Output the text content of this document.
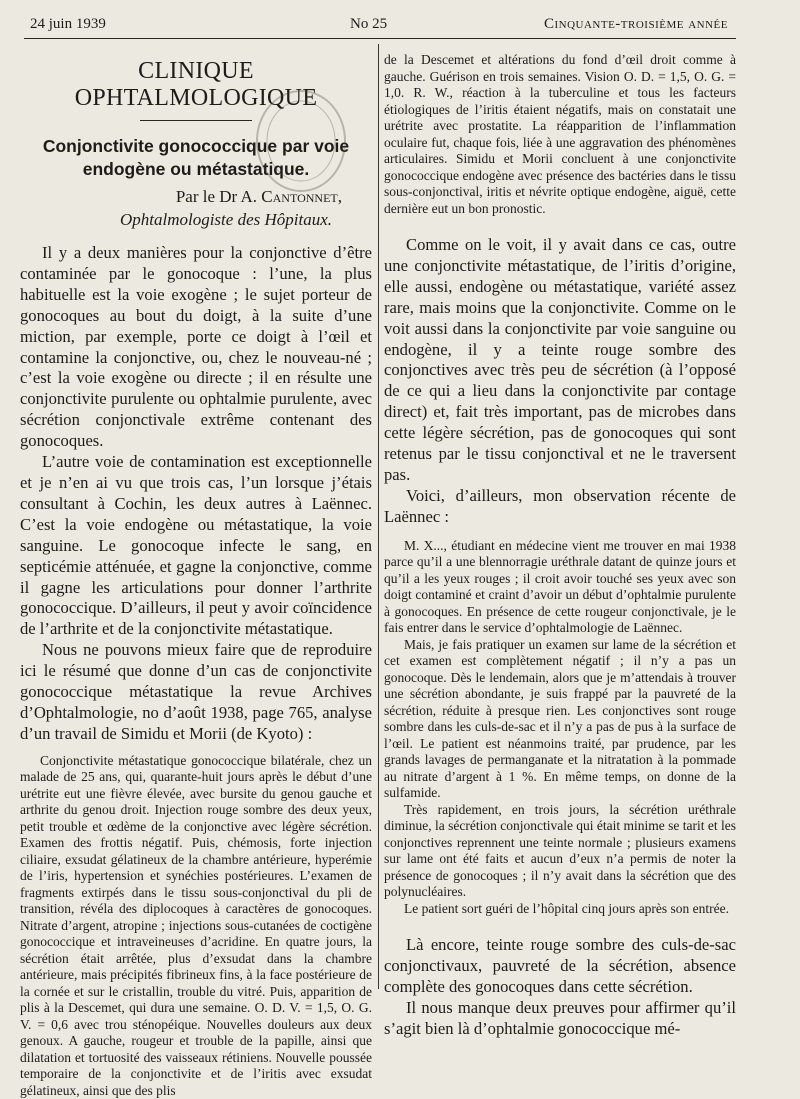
24 juin 1939	No 25	Cinquante-troisième année
CLINIQUE OPHTALMOLOGIQUE
Conjonctivite gonococcique par voie endogène ou métastatique.
Par le Dr A. Cantonnet,
Ophtalmologiste des Hôpitaux.

Il y a deux manières pour la conjonctive d’être contaminée par le gonocoque : l’une, la plus habituelle est la voie exogène ; le sujet porteur de gonocoques au bout du doigt, à la suite d’une miction, par exemple, porte ce doigt à l’œil et contamine la conjonctive, ou, chez le nouveau-né ; c’est la voie exogène ou directe ; il en résulte une conjonctivite purulente ou ophtalmie purulente, avec sécrétion conjonctivale extrême contenant des gonocoques.

L’autre voie de contamination est exceptionnelle et je n’en ai vu que trois cas, l’un lorsque j’étais consultant à Cochin, les deux autres à Laënnec. C’est la voie endogène ou métastatique, la voie sanguine. Le gonocoque infecte le sang, en septicémie atténuée, et gagne la conjonctive, comme il gagne les articulations pour donner l’arthrite gonococcique. D’ailleurs, il peut y avoir coïncidence de l’arthrite et de la conjonctivite métastatique.

Nous ne pouvons mieux faire que de reproduire ici le résumé que donne d’un cas de conjonctivite gonococcique métastatique la revue Archives d’Ophtalmologie, no d’août 1938, page 765, analyse d’un travail de Simidu et Morii (de Kyoto) :

Conjonctivite métastatique gonococcique bilatérale, chez un malade de 25 ans, qui, quarante-huit jours après le début d’une urétrite eut une fièvre élevée, avec bursite du genou gauche et arthrite du genou droit. Injection rouge sombre des deux yeux, petit trouble et œdème de la conjonctive avec légère sécrétion. Examen des frottis négatif. Puis, chémosis, forte injection ciliaire, exsudat gélatineux de la chambre antérieure, hyperémie de l’iris, hypertension et synéchies postérieures. L’examen de fragments extirpés dans le tissu sous-conjonctival du pli de transition, révéla des diplocoques à caractères de gonocoques. Nitrate d’argent, atropine ; injections sous-cutanées de coctigène gonococcique et intraveineuses d’acridine. En quatre jours, la sécrétion était arrêtée, plus d’exsudat dans la chambre antérieure, mais précipités fibrineux fins, à la face postérieure de la cornée et sur le cristallin, trouble du vitré. Puis, apparition de plis à la Descemet, qui dura une semaine. O. D. V. = 1,5, O. G. V. = 0,6 avec trou sténopéique. Nouvelles douleurs aux deux genoux. A gauche, rougeur et trouble de la papille, ainsi que dilatation et tortuosité des vaisseaux rétiniens. Nouvelle poussée temporaire de la conjonctivite et de l’iritis avec exsudat gélatineux, ainsi que des plis

de la Descemet et altérations du fond d’œil droit comme à gauche. Guérison en trois semaines. Vision O. D. = 1,5, O. G. = 1,0. R. W., réaction à la tuberculine et tous les facteurs étiologiques de l’iritis étaient négatifs, mais on constatait une urétrite avec prostatite. La réapparition de l’inflammation oculaire fut, chaque fois, liée à une aggravation des phénomènes articulaires. Simidu et Morii concluent à une conjonctivite gonococcique endogène avec présence des bactéries dans le tissu sous-conjonctival, iritis et névrite optique endogène, aiguë, cette dernière eut un bon pronostic.

Comme on le voit, il y avait dans ce cas, outre une conjonctivite métastatique, de l’iritis d’origine, elle aussi, endogène ou métastatique, variété assez rare, mais moins que la conjonctivite. Comme on le voit aussi dans la conjonctivite par voie sanguine ou endogène, il y a teinte rouge sombre des conjonctives avec très peu de sécrétion (à l’opposé de ce qui a lieu dans la conjonctivite par contage direct) et, fait très important, pas de microbes dans cette légère sécrétion, pas de gonocoques qui sont retenus par le tissu conjonctival et ne le traversent pas.

Voici, d’ailleurs, mon observation récente de Laënnec :

M. X..., étudiant en médecine vient me trouver en mai 1938 parce qu’il a une blennorragie uréthrale datant de quinze jours et qu’il a les yeux rouges ; il croit avoir touché ses yeux avec son doigt contaminé et craint d’avoir un début d’ophtalmie purulente à gonocoques. En présence de cette rougeur conjonctivale, je le fais entrer dans le service d’ophtalmologie de Laënnec.

Mais, je fais pratiquer un examen sur lame de la sécrétion et cet examen est complètement négatif ; il n’y a pas un gonocoque. Dès le lendemain, alors que je m’attendais à trouver une sécrétion abondante, je suis frappé par la pauvreté de la sécrétion, réduite à presque rien. Les conjonctives sont rouge sombre dans les culs-de-sac et il n’y a pas de pus à la surface de l’œil. Le patient est néanmoins traité, par prudence, par les grands lavages de permanganate et la nitratation à la pommade au nitrate d’argent à 1 %. En même temps, on donne de la sulfamide.

Très rapidement, en trois jours, la sécrétion uréthrale diminue, la sécrétion conjonctivale qui était minime se tarit et les conjonctives reprennent une teinte normale ; plusieurs examens sur lame ont été faits et aucun d’eux n’a permis de noter la présence de gonocoques ; il n’y avait dans la sécrétion que des polynucléaires.

Le patient sort guéri de l’hôpital cinq jours après son entrée.

Là encore, teinte rouge sombre des culs-de-sac conjonctivaux, pauvreté de la sécrétion, absence complète des gonocoques dans cette sécrétion.

Il nous manque deux preuves pour affirmer qu’il s’agit bien là d’ophtalmie gonococcique mé-
